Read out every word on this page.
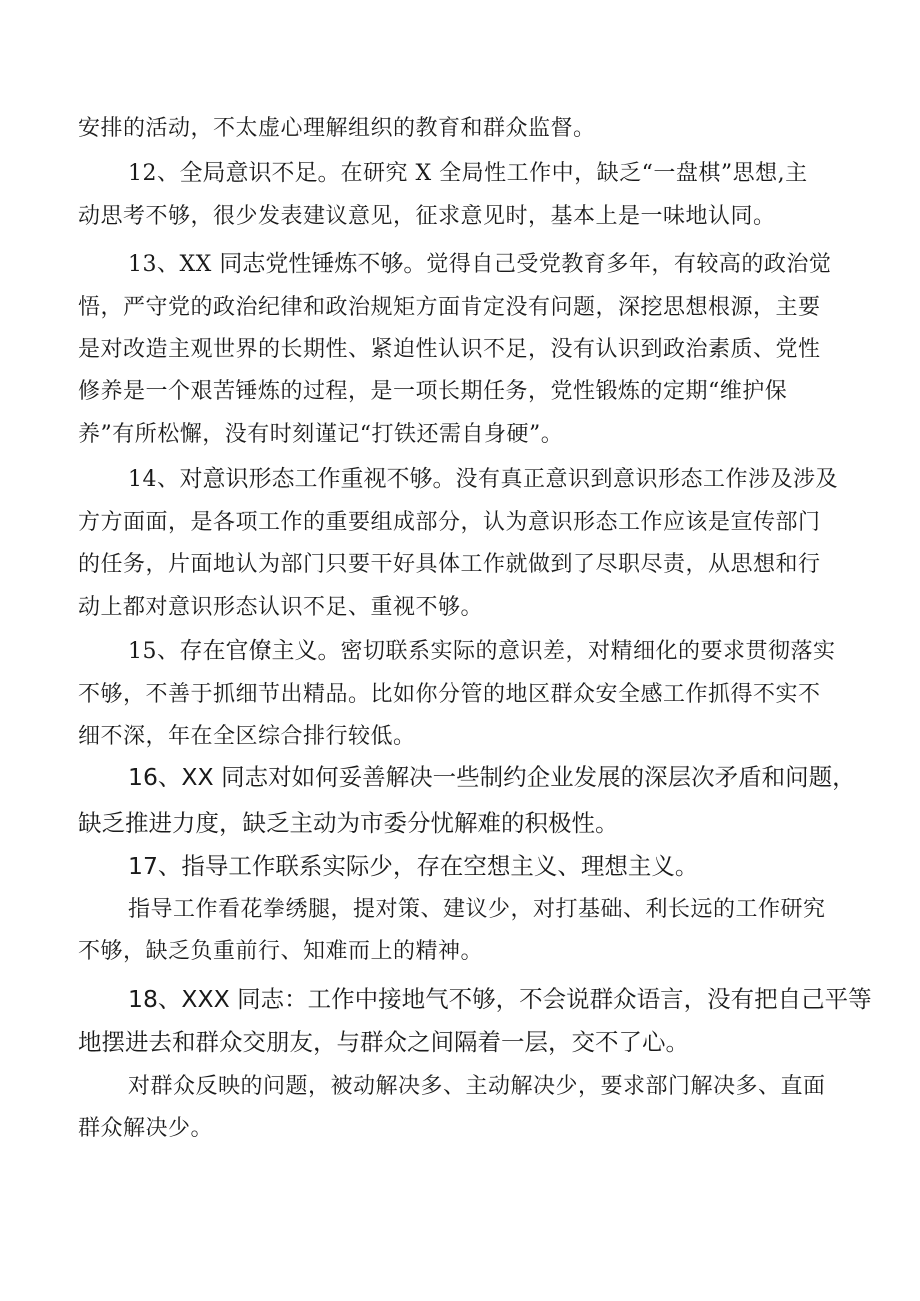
安排的活动，不太虚心理解组织的教育和群众监督。
12、全局意识不足。在研究 X 全局性工作中，缺乏“一盘棋”思想,主
动思考不够，很少发表建议意见，征求意见时，基本上是一味地认同。
13、XX 同志党性锤炼不够。觉得自己受党教育多年，有较高的政治觉
悟，严守党的政治纪律和政治规矩方面肯定没有问题，深挖思想根源，主要
是对改造主观世界的长期性、紧迫性认识不足，没有认识到政治素质、党性
修养是一个艰苦锤炼的过程，是一项长期任务，党性锻炼的定期“维护保
养”有所松懈，没有时刻谨记“打铁还需自身硬”。
14、对意识形态工作重视不够。没有真正意识到意识形态工作涉及涉及
方方面面，是各项工作的重要组成部分，认为意识形态工作应该是宣传部门
的任务，片面地认为部门只要干好具体工作就做到了尽职尽责，从思想和行
动上都对意识形态认识不足、重视不够。
15、存在官僚主义。密切联系实际的意识差，对精细化的要求贯彻落实
不够，不善于抓细节出精品。比如你分管的地区群众安全感工作抓得不实不
细不深，年在全区综合排行较低。
16、XX 同志对如何妥善解决一些制约企业发展的深层次矛盾和问题，
缺乏推进力度，缺乏主动为市委分忧解难的积极性。
17、指导工作联系实际少，存在空想主义、理想主义。
指导工作看花拳绣腿，提对策、建议少，对打基础、利长远的工作研究
不够，缺乏负重前行、知难而上的精神。
18、XXX 同志：工作中接地气不够，不会说群众语言，没有把自己平等
地摆进去和群众交朋友，与群众之间隔着一层，交不了心。
对群众反映的问题，被动解决多、主动解决少，要求部门解决多、直面
群众解决少。
